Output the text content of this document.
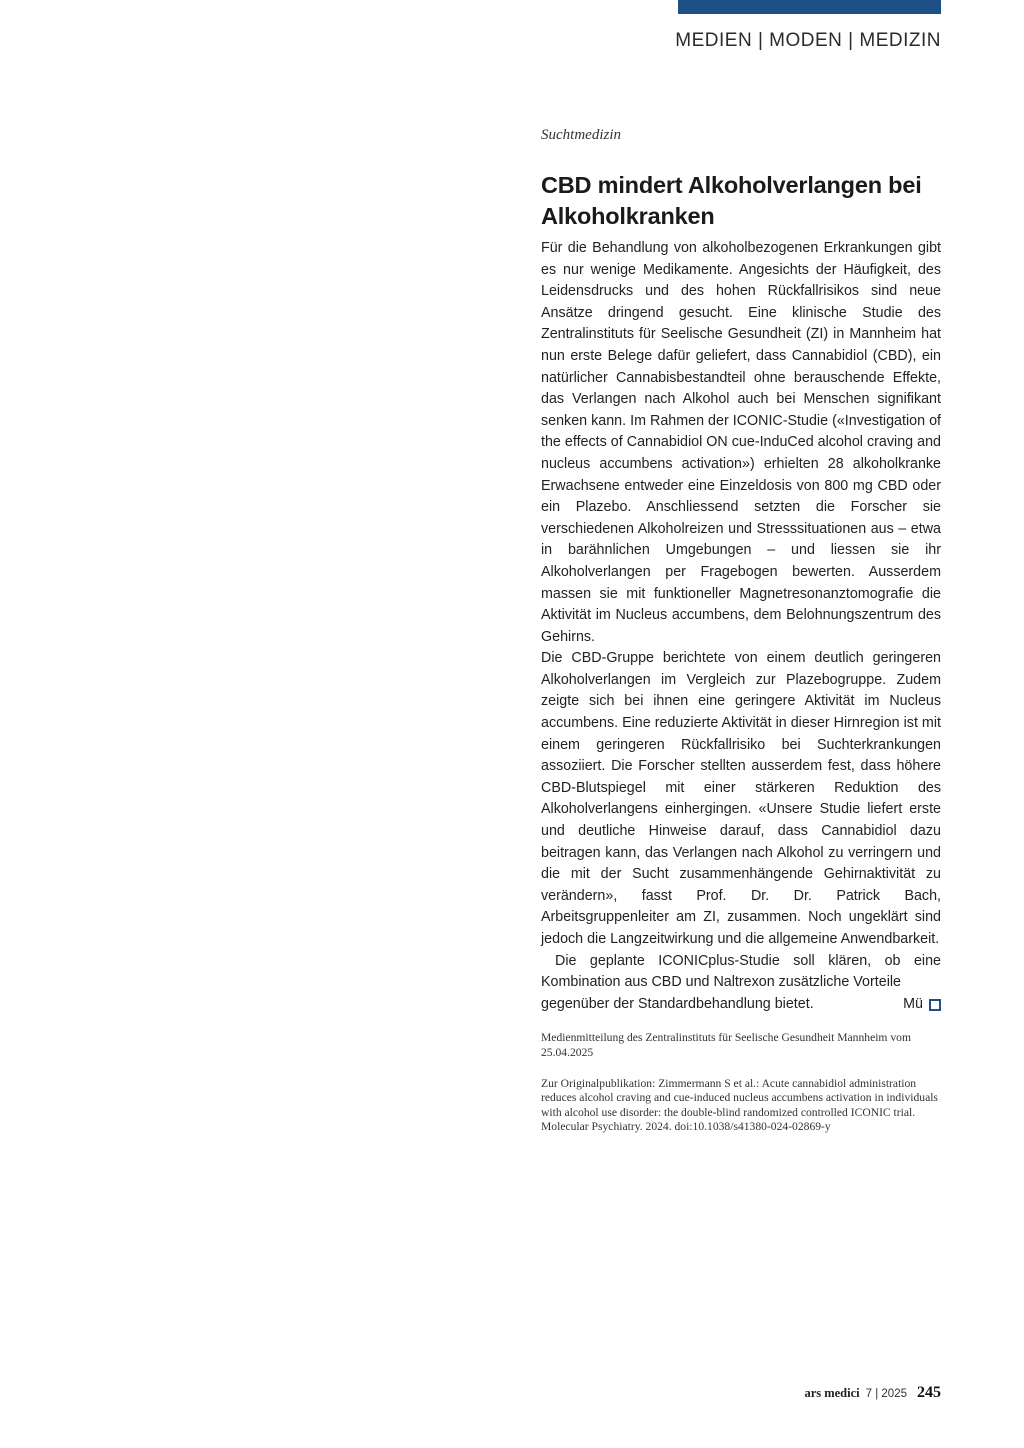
MEDIEN | MODEN | MEDIZIN
Suchtmedizin
CBD mindert Alkoholverlangen bei Alkoholkranken

Für die Behandlung von alkoholbezogenen Erkrankungen gibt es nur wenige Medikamente. Angesichts der Häufigkeit, des Leidensdrucks und des hohen Rückfallrisikos sind neue Ansätze dringend gesucht. Eine klinische Studie des Zentralinstituts für Seelische Gesundheit (ZI) in Mannheim hat nun erste Belege dafür geliefert, dass Cannabidiol (CBD), ein natürlicher Cannabisbestandteil ohne berauschende Effekte, das Verlangen nach Alkohol auch bei Menschen signifikant senken kann. Im Rahmen der ICONIC-Studie («Investigation of the effects of Cannabidiol ON cue-InduCed alcohol craving and nucleus accumbens activation») erhielten 28 alkoholkranke Erwachsene entweder eine Einzeldosis von 800 mg CBD oder ein Plazebo. Anschliessend setzten die Forscher sie verschiedenen Alkoholreizen und Stresssituationen aus – etwa in barähnlichen Umgebungen – und liessen sie ihr Alkoholverlangen per Fragebogen bewerten. Ausserdem massen sie mit funktioneller Magnetresonanztomografie die Aktivität im Nucleus accumbens, dem Belohnungszentrum des Gehirns.

Die CBD-Gruppe berichtete von einem deutlich geringeren Alkoholverlangen im Vergleich zur Plazebogruppe. Zudem zeigte sich bei ihnen eine geringere Aktivität im Nucleus accumbens. Eine reduzierte Aktivität in dieser Hirnregion ist mit einem geringeren Rückfallrisiko bei Suchterkrankungen assoziiert. Die Forscher stellten ausserdem fest, dass höhere CBD-Blutspiegel mit einer stärkeren Reduktion des Alkoholverlangens einhergingen. «Unsere Studie liefert erste und deutliche Hinweise darauf, dass Cannabidiol dazu beitragen kann, das Verlangen nach Alkohol zu verringern und die mit der Sucht zusammenhängende Gehirnaktivität zu verändern», fasst Prof. Dr. Dr. Patrick Bach, Arbeitsgruppenleiter am ZI, zusammen. Noch ungeklärt sind jedoch die Langzeitwirkung und die allgemeine Anwendbarkeit.

Die geplante ICONICplus-Studie soll klären, ob eine Kombination aus CBD und Naltrexon zusätzliche Vorteile

gegenüber der Standardbehandlung bietet.	Mü

Medienmitteilung des Zentralinstituts für Seelische Gesundheit Mannheim vom 25.04.2025

Zur Originalpublikation: Zimmermann S et al.: Acute cannabidiol administration reduces alcohol craving and cue-induced nucleus accumbens activation in individuals with alcohol use disorder: the double-blind randomized controlled ICONIC trial. Molecular Psychiatry. 2024. doi:10.1038/s41380-024-02869-y

ars medici 7 | 2025 245
